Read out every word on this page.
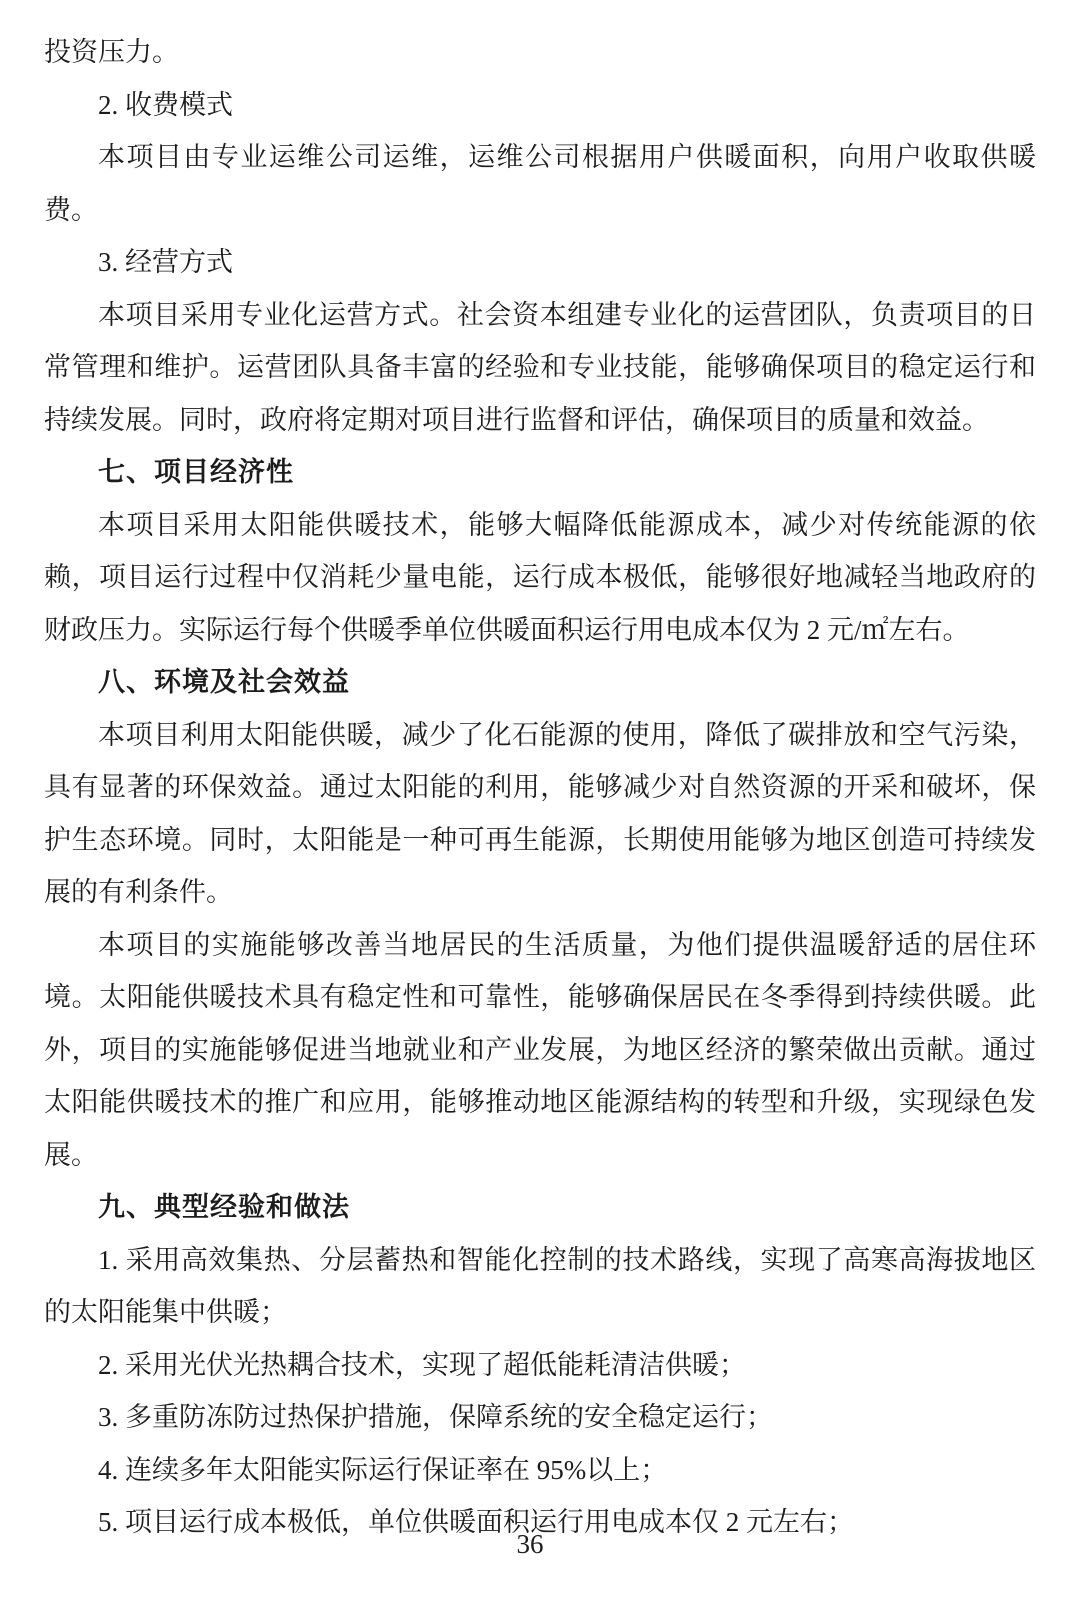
投资压力。

2. 收费模式

本项目由专业运维公司运维，运维公司根据用户供暖面积，向用户收取供暖费。

3. 经营方式

本项目采用专业化运营方式。社会资本组建专业化的运营团队，负责项目的日常管理和维护。运营团队具备丰富的经验和专业技能，能够确保项目的稳定运行和持续发展。同时，政府将定期对项目进行监督和评估，确保项目的质量和效益。

七、项目经济性

本项目采用太阳能供暖技术，能够大幅降低能源成本，减少对传统能源的依赖，项目运行过程中仅消耗少量电能，运行成本极低，能够很好地减轻当地政府的财政压力。实际运行每个供暖季单位供暖面积运行用电成本仅为 2 元/㎡左右。

八、环境及社会效益

本项目利用太阳能供暖，减少了化石能源的使用，降低了碳排放和空气污染，具有显著的环保效益。通过太阳能的利用，能够减少对自然资源的开采和破坏，保护生态环境。同时，太阳能是一种可再生能源，长期使用能够为地区创造可持续发展的有利条件。

本项目的实施能够改善当地居民的生活质量，为他们提供温暖舒适的居住环境。太阳能供暖技术具有稳定性和可靠性，能够确保居民在冬季得到持续供暖。此外，项目的实施能够促进当地就业和产业发展，为地区经济的繁荣做出贡献。通过太阳能供暖技术的推广和应用，能够推动地区能源结构的转型和升级，实现绿色发展。

九、典型经验和做法

1. 采用高效集热、分层蓄热和智能化控制的技术路线，实现了高寒高海拔地区的太阳能集中供暖；

2. 采用光伏光热耦合技术，实现了超低能耗清洁供暖；

3. 多重防冻防过热保护措施，保障系统的安全稳定运行；

4. 连续多年太阳能实际运行保证率在 95%以上；

5. 项目运行成本极低，单位供暖面积运行用电成本仅 2 元左右；

36
